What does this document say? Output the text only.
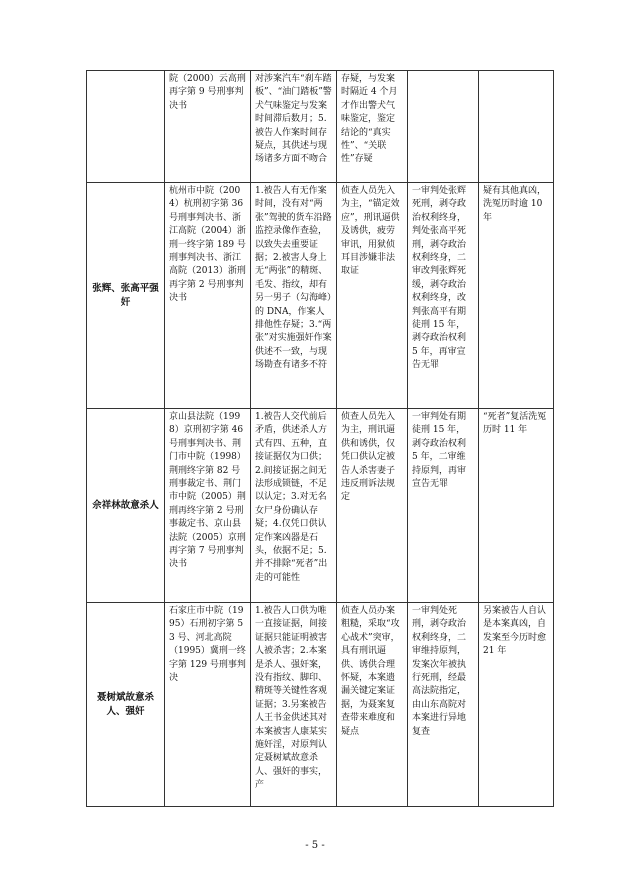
	院（2000）云高刑再字第 9 号刑事判决书	对涉案汽车“刹车踏板”、“油门踏板”警犬气味鉴定与发案时间滞后数月；5.被告人作案时间存疑点，其供述与现场诸多方面不吻合	存疑，与发案时隔近 4 个月才作出警犬气味鉴定，鉴定结论的“真实性”、“关联性”存疑		
张辉、张高平强奸	杭州市中院（2004）杭刑初字第 36 号刑事判决书、浙江高院（2004）浙刑一终字第 189 号刑事判决书、浙江高院（2013）浙刑再字第 2 号刑事判决书	1.被告人有无作案时间，没有对“两张”驾驶的货车沿路监控录像作查验，以致失去重要证据；2.被害人身上无“两张”的精斑、毛发、指纹，却有另一男子（勾海峰）的 DNA，作案人排他性存疑；3.“两张”对实施强奸作案供述不一致，与现场勘查有诸多不符	侦查人员先入为主，“锚定效应”，刑讯逼供及诱供，疲劳审讯，用狱侦耳目涉嫌非法取证	一审判处张辉死刑，剥夺政治权利终身，判处张高平死刑，剥夺政治权利终身，二审改判张辉死缓，剥夺政治权利终身，改判张高平有期徒刑 15 年，剥夺政治权利 5 年，再审宣告无罪	疑有其他真凶，洗冤历时逾 10 年
佘祥林故意杀人	京山县法院（1998）京刑初字第 46 号刑事判决书、荆门市中院（1998）荆刑终字第 82 号刑事裁定书、荆门市中院（2005）荆刑再终字第 2 号刑事裁定书、京山县法院（2005）京刑再字第 7 号刑事判决书	1.被告人交代前后矛盾，供述杀人方式有四、五种，直接证据仅为口供；2.间接证据之间无法形成锁链，不足以认定；3.对无名女尸身份确认存疑；4.仅凭口供认定作案凶器是石头，依据不足；5.并不排除“死者”出走的可能性	侦查人员先入为主，刑讯逼供和诱供，仅凭口供认定被告人杀害妻子违反刑诉法规定	一审判处有期徒刑 15 年，剥夺政治权利 5 年，二审维持原判，再审宣告无罪	“死者”复活洗冤历时 11 年
聂树斌故意杀人、强奸	石家庄市中院（1995）石刑初字第 53 号、河北高院（1995）冀刑一终字第 129 号刑事判决	1.被告人口供为唯一直接证据，间接证据只能证明被害人被杀害；2.本案是杀人、强奸案，没有指纹、脚印、精斑等关键性客观证据；3.另案被告人王书金供述其对本案被害人康某实施奸淫，对原判认定聂树斌故意杀人、强奸的事实，产	侦查人员办案粗糙，采取“攻心战术”突审，具有刑讯逼供、诱供合理怀疑，本案遗漏关键定案证据，为聂案复查带来难度和疑点	一审判处死刑，剥夺政治权利终身，二审维持原判，发案次年被执行死刑，经最高法院指定，由山东高院对本案进行异地复查	另案被告人自认是本案真凶，自发案至今历时愈 21 年
- 5 -
